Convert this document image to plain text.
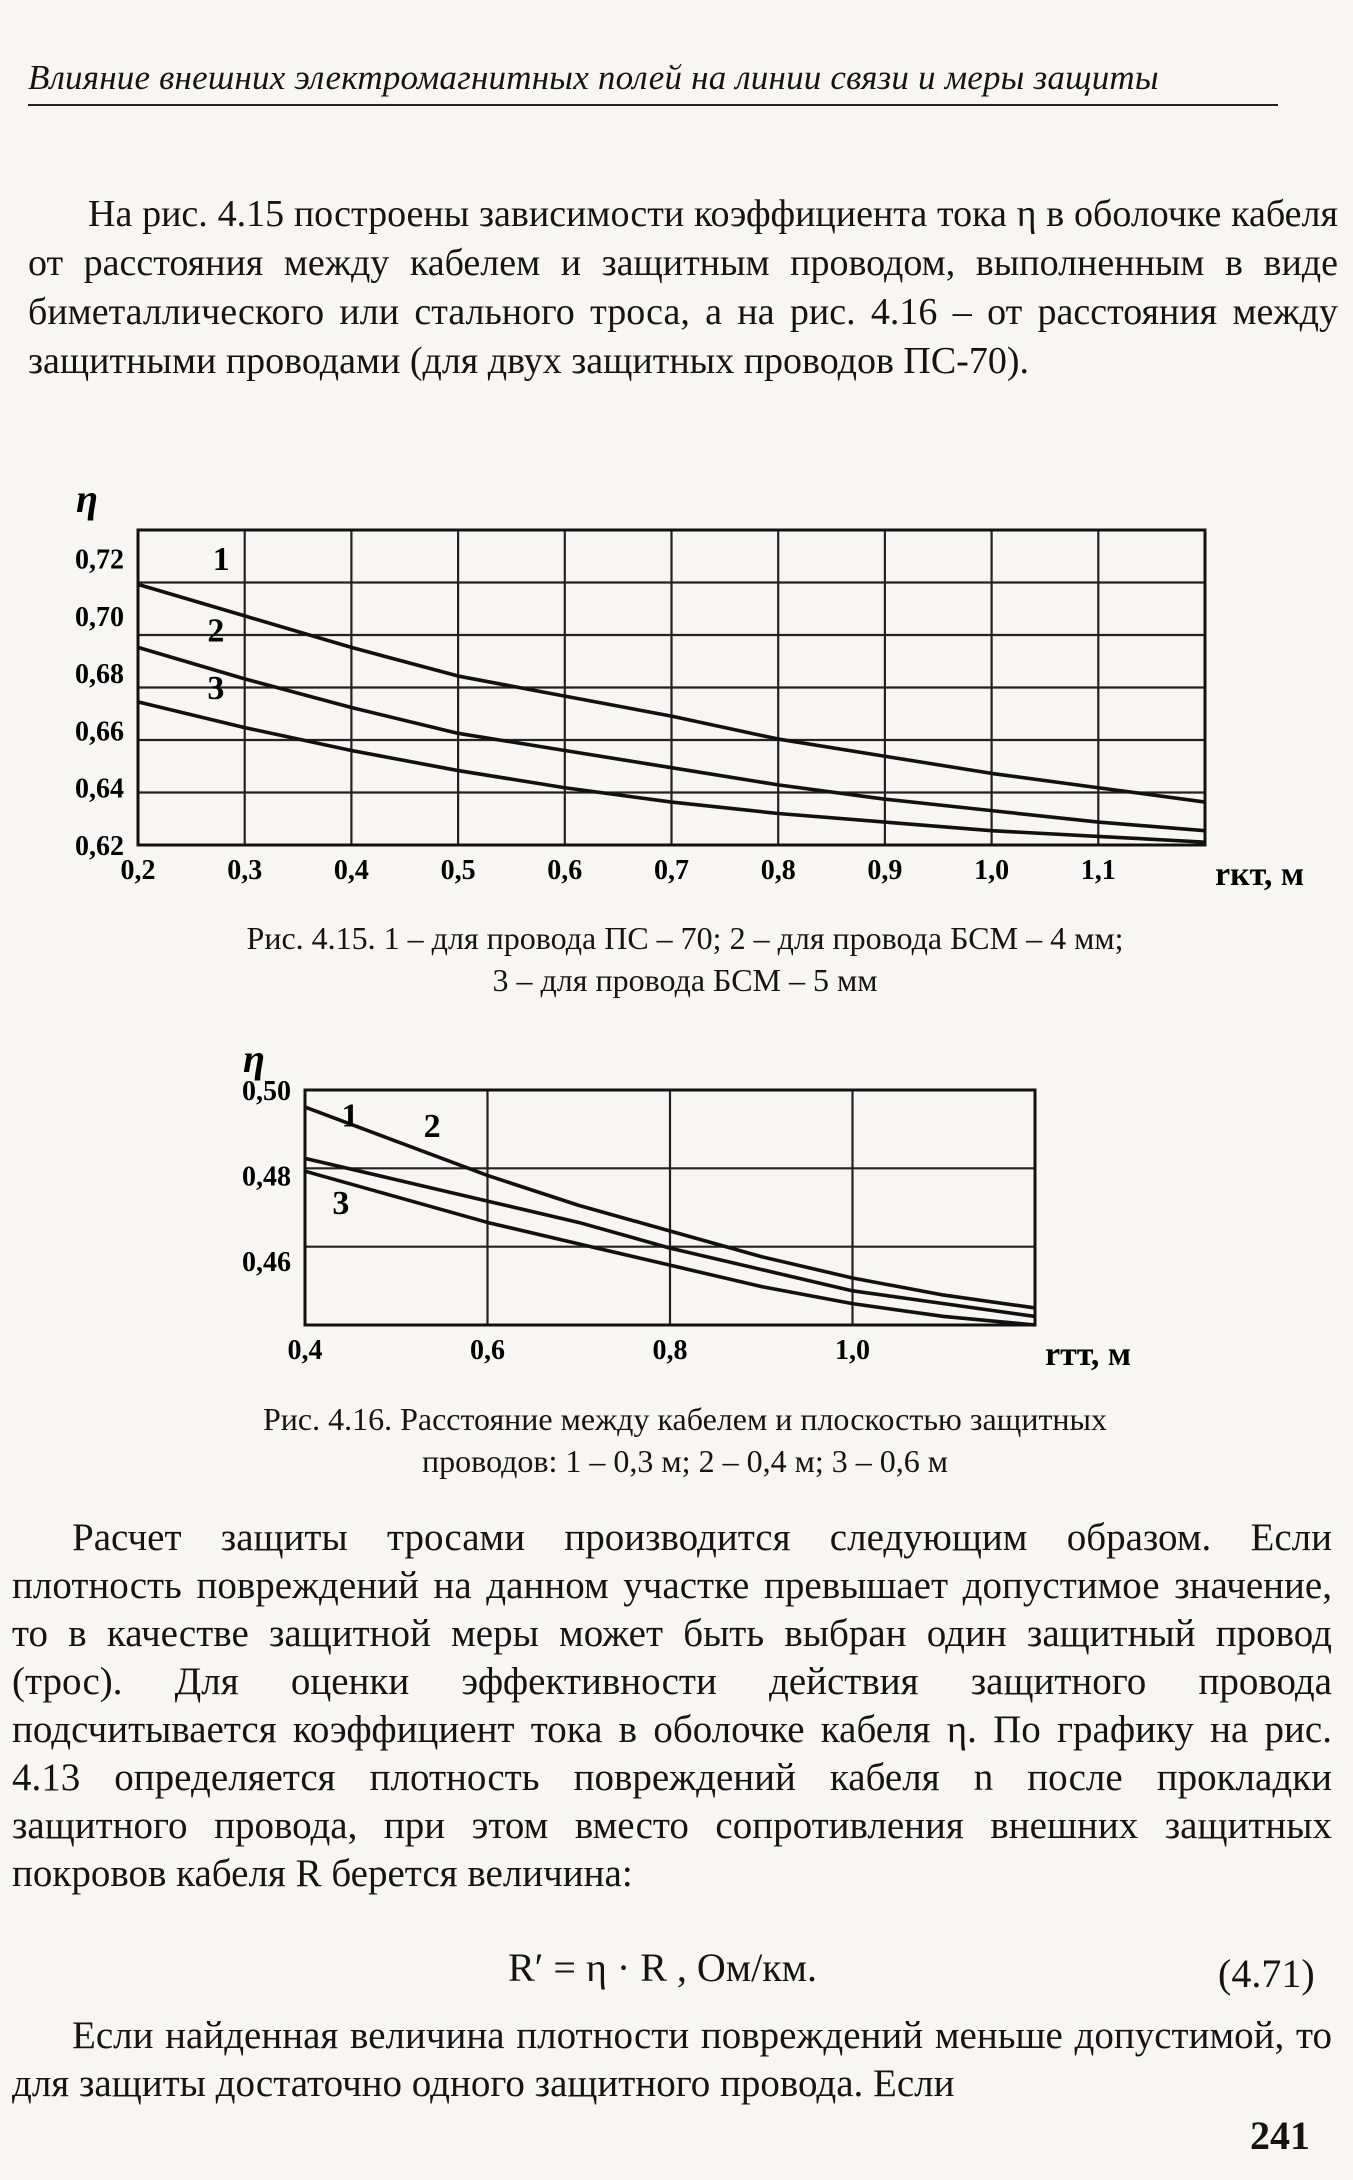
Влияние внешних электромагнитных полей на линии связи и меры защиты
На рис. 4.15 построены зависимости коэффициента тока η в оболочке кабеля от расстояния между кабелем и защитным проводом, выполненным в виде биметаллического или стального троса, а на рис. 4.16 – от расстояния между защитными проводами (для двух защитных проводов ПС-70).
0,72
0,70
0,68
0,66
0,64
0,62
0,2	0,3	0,4	0,5	0,6	0,7	0,8	0,9	1,0	1,1
η
rкт, м
1
2
3
Рис. 4.15. 1 – для провода ПС – 70; 2 – для провода БСМ – 4 мм;
3 – для провода БСМ – 5 мм
0,50
0,48
0,46
0,4	0,6	0,8	1,0
η
rтт, м
1 2
3
Рис. 4.16. Расстояние между кабелем и плоскостью защитных
проводов: 1 – 0,3 м; 2 – 0,4 м; 3 – 0,6 м
Расчет защиты тросами производится следующим образом. Если плотность повреждений на данном участке превышает допустимое значение, то в качестве защитной меры может быть выбран один защитный провод (трос). Для оценки эффективности действия защитного провода подсчитывается коэффициент тока в оболочке кабеля η. По графику на рис. 4.13 определяется плотность повреждений кабеля n после прокладки защитного провода, при этом вместо сопротивления внешних защитных покровов кабеля R берется величина:
R′ = η · R , Ом/км.	(4.71)
Если найденная величина плотности повреждений меньше допустимой, то для защиты достаточно одного защитного провода. Если
241
